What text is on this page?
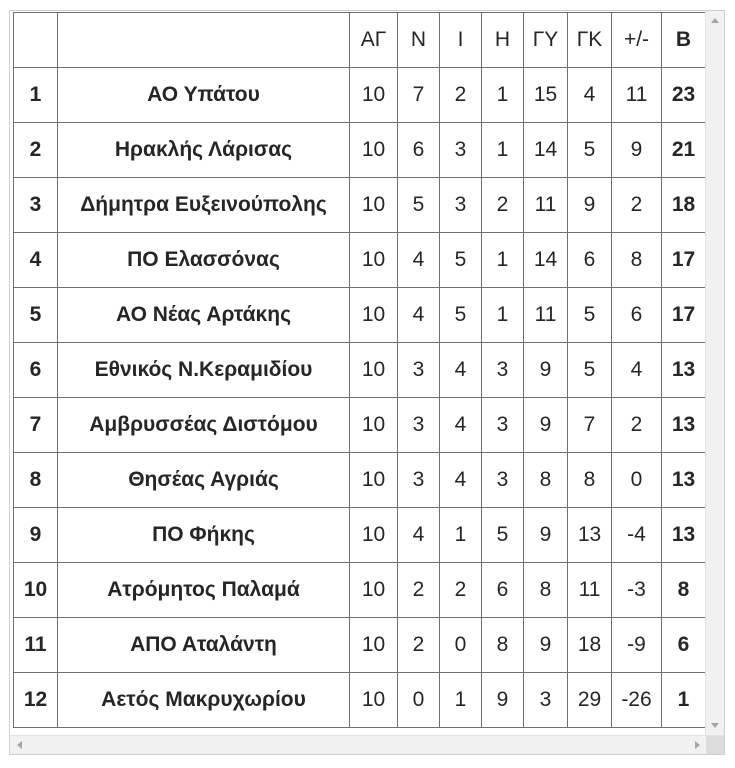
		ΑΓ	Ν	Ι	Η	ΓΥ	ΓΚ	+/-	Β
1	ΑΟ Υπάτου	10	7	2	1	15	4	11	23
2	Ηρακλής Λάρισας	10	6	3	1	14	5	9	21
3	Δήμητρα Ευξεινούπολης	10	5	3	2	11	9	2	18
4	ΠΟ Ελασσόνας	10	4	5	1	14	6	8	17
5	ΑΟ Νέας Αρτάκης	10	4	5	1	11	5	6	17
6	Εθνικός Ν.Κεραμιδίου	10	3	4	3	9	5	4	13
7	Αμβρυσσέας Διστόμου	10	3	4	3	9	7	2	13
8	Θησέας Αγριάς	10	3	4	3	8	8	0	13
9	ΠΟ Φήκης	10	4	1	5	9	13	-4	13
10	Ατρόμητος Παλαμά	10	2	2	6	8	11	-3	8
11	ΑΠΟ Αταλάντη	10	2	0	8	9	18	-9	6
12	Αετός Μακρυχωρίου	10	0	1	9	3	29	-26	1
